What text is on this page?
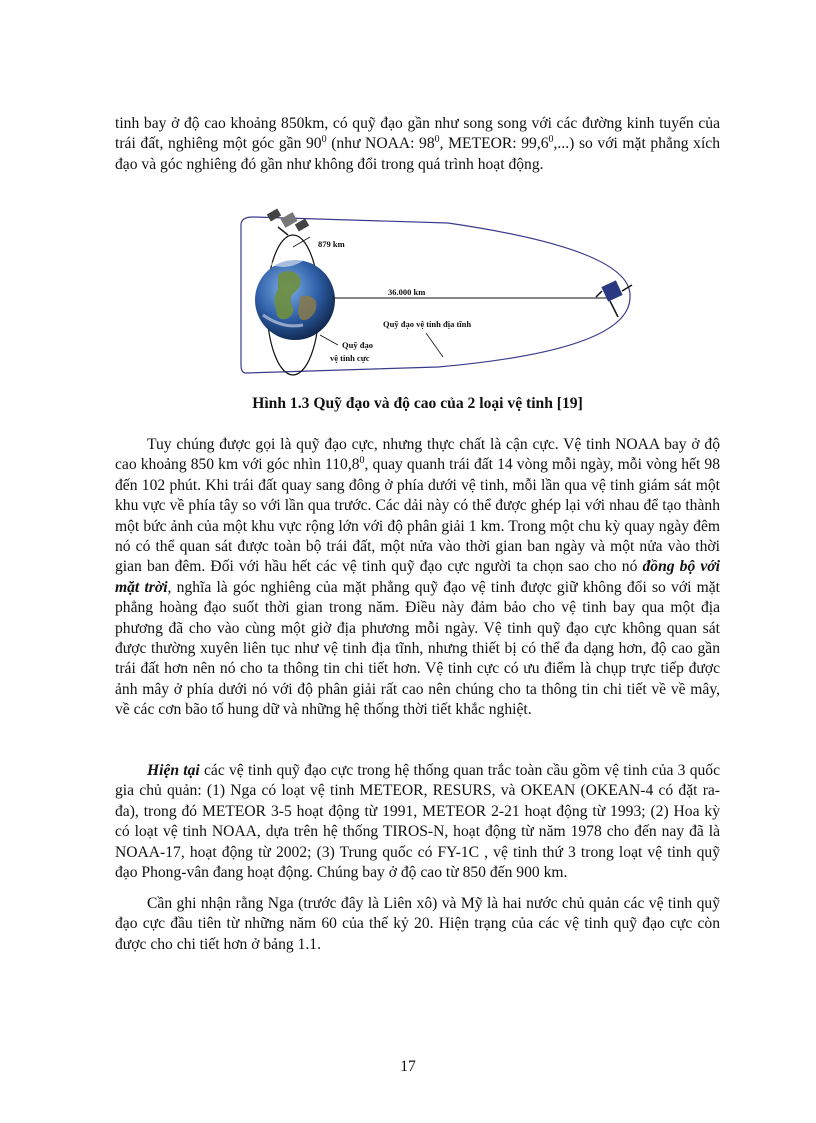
tinh bay ở độ cao khoảng 850km, có quỹ đạo gần như song song với các đường kinh tuyến của trái đất, nghiêng một góc gần $90^0$ (như NOAA: $98^0$, METEOR: 99,6$^0$,...) so với mặt phẳng xích đạo và góc nghiêng đó gần như không đổi trong quá trình hoạt động.

879 km
36.000 km
Quỹ đạo vệ tinh địa tĩnh
Quỹ đạo
vệ tinh cực

Hình 1.3 Quỹ đạo và độ cao của 2 loại vệ tinh [19]

Tuy chúng được gọi là quỹ đạo cực, nhưng thực chất là cận cực. Vệ tinh NOAA bay ở độ cao khoảng 850 km với góc nhìn 110,8$^0$, quay quanh trái đất 14 vòng mỗi ngày, mỗi vòng hết 98 đến 102 phút. Khi trái đất quay sang đông ở phía dưới vệ tinh, mỗi lần qua vệ tinh giám sát một khu vực về phía tây so với lần qua trước. Các dải này có thể được ghép lại với nhau để tạo thành một bức ảnh của một khu vực rộng lớn với độ phân giải 1 km. Trong một chu kỳ quay ngày đêm nó có thể quan sát được toàn bộ trái đất, một nửa vào thời gian ban ngày và một nửa vào thời gian ban đêm. Đối với hầu hết các vệ tinh quỹ đạo cực người ta chọn sao cho nó đồng bộ với mặt trời, nghĩa là góc nghiêng của mặt phẳng quỹ đạo vệ tinh được giữ không đổi so với mặt phẳng hoàng đạo suốt thời gian trong năm. Điều này đảm bảo cho vệ tinh bay qua một địa phương đã cho vào cùng một giờ địa phương mỗi ngày. Vệ tinh quỹ đạo cực không quan sát được thường xuyên liên tục như vệ tinh địa tĩnh, nhưng thiết bị có thể đa dạng hơn, độ cao gần trái đất hơn nên nó cho ta thông tin chi tiết hơn. Vệ tinh cực có ưu điểm là chụp trực tiếp được ảnh mây ở phía dưới nó với độ phân giải rất cao nên chúng cho ta thông tin chi tiết về về mây, về các cơn bão tố hung dữ và những hệ thống thời tiết khắc nghiệt.

Hiện tại các vệ tinh quỹ đạo cực trong hệ thống quan trắc toàn cầu gồm vệ tinh của 3 quốc gia chủ quản: (1) Nga có loạt vệ tinh METEOR, RESURS, và OKEAN (OKEAN-4 có đặt ra-đa), trong đó METEOR 3-5 hoạt động từ 1991, METEOR 2-21 hoạt động từ 1993; (2) Hoa kỳ có loạt vệ tinh NOAA, dựa trên hệ thống TIROS-N, hoạt động từ năm 1978 cho đến nay đã là NOAA-17, hoạt động từ 2002; (3) Trung quốc có FY-1C , vệ tinh thứ 3 trong loạt vệ tinh quỹ đạo Phong-vân đang hoạt động. Chúng bay ở độ cao từ 850 đến 900 km.

Cần ghi nhận rằng Nga (trước đây là Liên xô) và Mỹ là hai nước chủ quản các vệ tinh quỹ đạo cực đầu tiên từ những năm 60 của thế kỷ 20. Hiện trạng của các vệ tinh quỹ đạo cực còn được cho chi tiết hơn ở bảng 1.1.

17
